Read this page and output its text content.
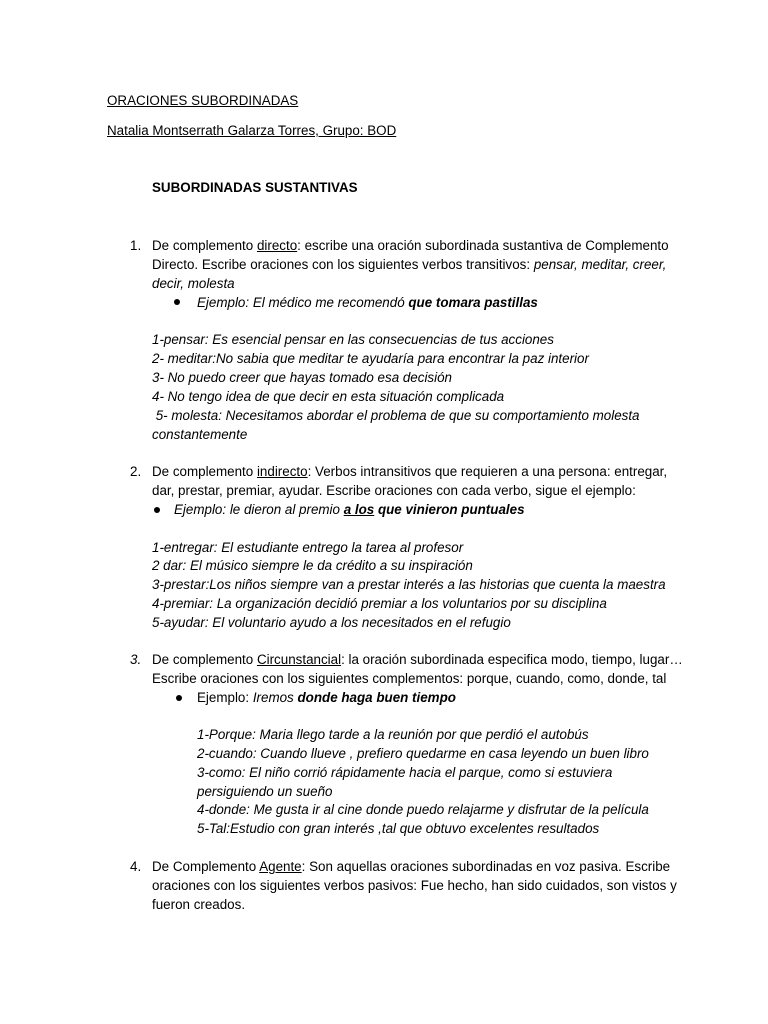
ORACIONES SUBORDINADAS
Natalia Montserrath Galarza Torres, Grupo: BOD
SUBORDINADAS SUSTANTIVAS
1. De complemento directo: escribe una oración subordinada sustantiva de Complemento
Directo. Escribe oraciones con los siguientes verbos transitivos: pensar, meditar, creer,
decir, molesta
Ejemplo: El médico me recomendó que tomara pastillas
1-pensar: Es esencial pensar en las consecuencias de tus acciones
2- meditar:No sabia que meditar te ayudaría para encontrar la paz interior
3- No puedo creer que hayas tomado esa decisión
4- No tengo idea de que decir en esta situación complicada
5- molesta: Necesitamos abordar el problema de que su comportamiento molesta
constantemente
2. De complemento indirecto: Verbos intransitivos que requieren a una persona: entregar,
dar, prestar, premiar, ayudar. Escribe oraciones con cada verbo, sigue el ejemplo:
Ejemplo: le dieron al premio a los que vinieron puntuales
1-entregar: El estudiante entrego la tarea al profesor
2 dar: El músico siempre le da crédito a su inspiración
3-prestar:Los niños siempre van a prestar interés a las historias que cuenta la maestra
4-premiar: La organización decidió premiar a los voluntarios por su disciplina
5-ayudar: El voluntario ayudo a los necesitados en el refugio
3. De complemento Circunstancial: la oración subordinada especifica modo, tiempo, lugar…
Escribe oraciones con los siguientes complementos: porque, cuando, como, donde, tal
Ejemplo: Iremos donde haga buen tiempo
1-Porque: Maria llego tarde a la reunión por que perdió el autobús
2-cuando: Cuando llueve , prefiero quedarme en casa leyendo un buen libro
3-como: El niño corrió rápidamente hacia el parque, como si estuviera
persiguiendo un sueño
4-donde: Me gusta ir al cine donde puedo relajarme y disfrutar de la película
5-Tal:Estudio con gran interés ,tal que obtuvo excelentes resultados
4. De Complemento Agente: Son aquellas oraciones subordinadas en voz pasiva. Escribe
oraciones con los siguientes verbos pasivos: Fue hecho, han sido cuidados, son vistos y
fueron creados.
